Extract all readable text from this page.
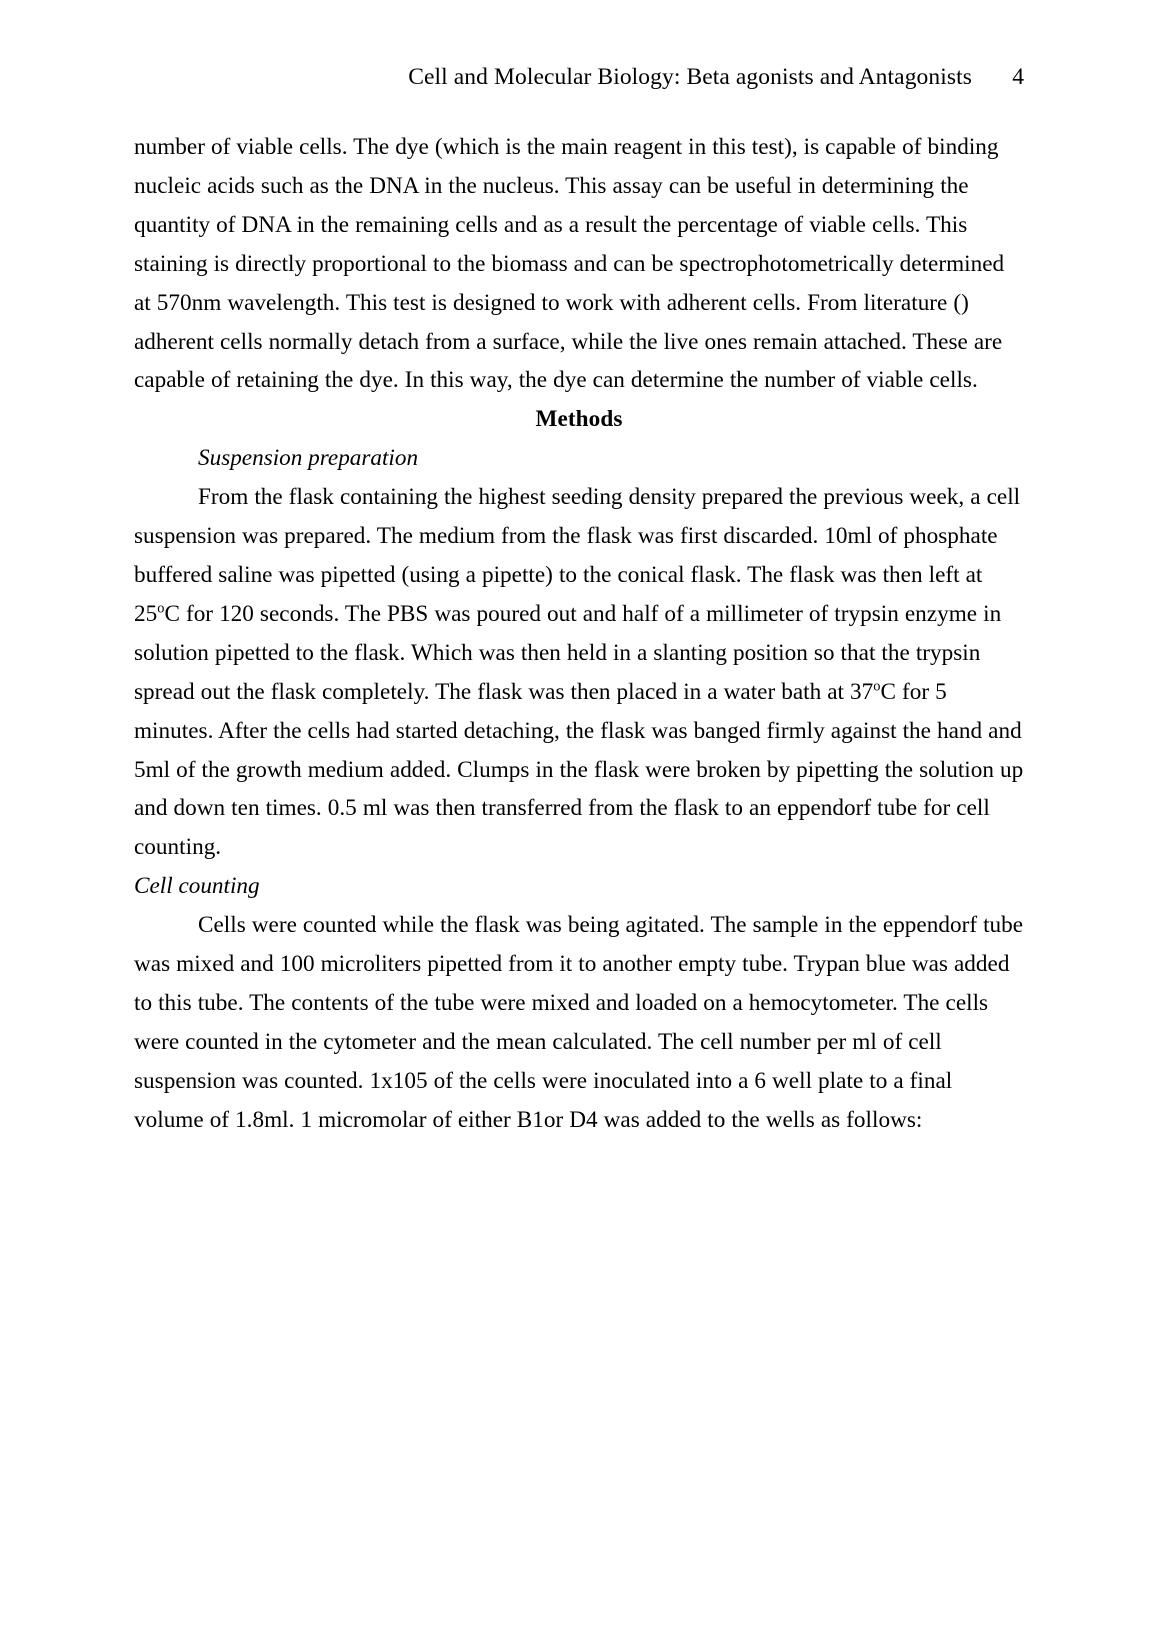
Cell and Molecular Biology: Beta agonists and Antagonists	4

number of viable cells. The dye (which is the main reagent in this test), is capable of binding nucleic acids such as the DNA in the nucleus. This assay can be useful in determining the quantity of DNA in the remaining cells and as a result the percentage of viable cells. This staining is directly proportional to the biomass and can be spectrophotometrically determined at 570nm wavelength. This test is designed to work with adherent cells. From literature () adherent cells normally detach from a surface, while the live ones remain attached. These are capable of retaining the dye. In this way, the dye can determine the number of viable cells.

Methods
Suspension preparation

From the flask containing the highest seeding density prepared the previous week, a cell suspension was prepared. The medium from the flask was first discarded. 10ml of phosphate buffered saline was pipetted (using a pipette) to the conical flask. The flask was then left at 25$^o$C for 120 seconds. The PBS was poured out and half of a millimeter of trypsin enzyme in solution pipetted to the flask. Which was then held in a slanting position so that the trypsin spread out the flask completely. The flask was then placed in a water bath at 37$^o$C for 5 minutes. After the cells had started detaching, the flask was banged firmly against the hand and 5ml of the growth medium added. Clumps in the flask were broken by pipetting the solution up and down ten times. 0.5 ml was then transferred from the flask to an eppendorf tube for cell counting.

Cell counting

Cells were counted while the flask was being agitated. The sample in the eppendorf tube was mixed and 100 microliters pipetted from it to another empty tube. Trypan blue was added to this tube. The contents of the tube were mixed and loaded on a hemocytometer. The cells were counted in the cytometer and the mean calculated. The cell number per ml of cell suspension was counted. 1x105 of the cells were inoculated into a 6 well plate to a final volume of 1.8ml. 1 micromolar of either B1or D4 was added to the wells as follows:
